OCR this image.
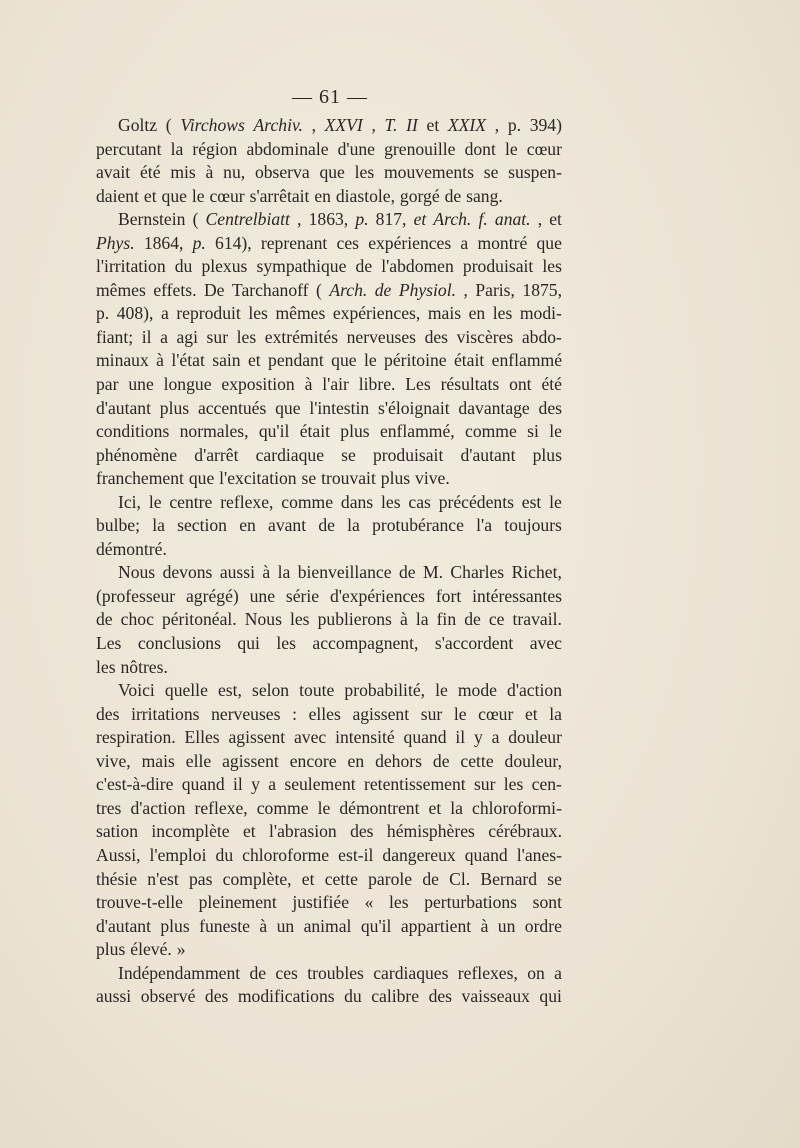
— 61 —
Goltz ( Virchows Archiv. , XXVI , T. II et XXIX , p. 394)
percutant la région abdominale d'une grenouille dont le cœur
avait été mis à nu, observa que les mouvements se suspen-
daient et que le cœur s'arrêtait en diastole, gorgé de sang.
Bernstein ( Centrelbiatt , 1863, p. 817, et Arch. f. anat. , et
Phys. 1864, p. 614), reprenant ces expériences a montré que
l'irritation du plexus sympathique de l'abdomen produisait les
mêmes effets. De Tarchanoff ( Arch. de Physiol. , Paris, 1875,
p. 408), a reproduit les mêmes expériences, mais en les modi-
fiant; il a agi sur les extrémités nerveuses des viscères abdo-
minaux à l'état sain et pendant que le péritoine était enflammé
par une longue exposition à l'air libre. Les résultats ont été
d'autant plus accentués que l'intestin s'éloignait davantage des
conditions normales, qu'il était plus enflammé, comme si le
phénomène d'arrêt cardiaque se produisait d'autant plus
franchement que l'excitation se trouvait plus vive.
Ici, le centre reflexe, comme dans les cas précédents est le
bulbe; la section en avant de la protubérance l'a toujours
démontré.
Nous devons aussi à la bienveillance de M. Charles Richet,
(professeur agrégé) une série d'expériences fort intéressantes
de choc péritonéal. Nous les publierons à la fin de ce travail.
Les conclusions qui les accompagnent, s'accordent avec
les nôtres.
Voici quelle est, selon toute probabilité, le mode d'action
des irritations nerveuses : elles agissent sur le cœur et la
respiration. Elles agissent avec intensité quand il y a douleur
vive, mais elle agissent encore en dehors de cette douleur,
c'est-à-dire quand il y a seulement retentissement sur les cen-
tres d'action reflexe, comme le démontrent et la chloroformi-
sation incomplète et l'abrasion des hémisphères cérébraux.
Aussi, l'emploi du chloroforme est-il dangereux quand l'anes-
thésie n'est pas complète, et cette parole de Cl. Bernard se
trouve-t-elle pleinement justifiée « les perturbations sont
d'autant plus funeste à un animal qu'il appartient à un ordre
plus élevé. »
Indépendamment de ces troubles cardiaques reflexes, on a
aussi observé des modifications du calibre des vaisseaux qui
